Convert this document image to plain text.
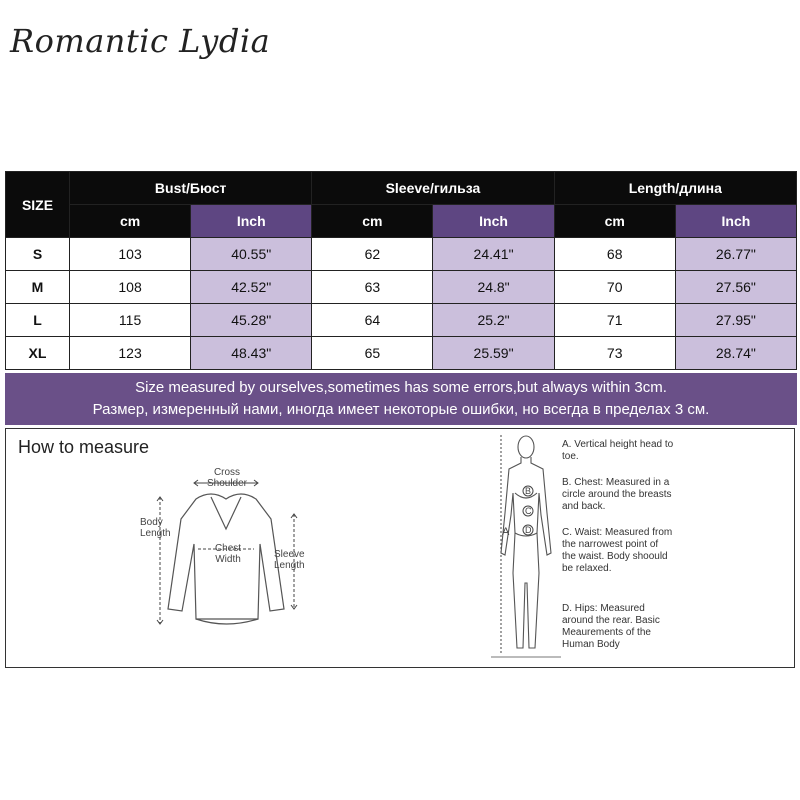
Romantic Lydia
SIZE	Bust/Бюст		Sleeve/гильза		Length/длина	
	cm	Inch	cm	Inch	cm	Inch
S	103	40.55"	62	24.41"	68	26.77"
M	108	42.52"	63	24.8"	70	27.56"
L	115	45.28"	64	25.2"	71	27.95"
XL	123	48.43"	65	25.59"	73	28.74"
Size measured by ourselves,sometimes has some errors,but always within 3cm.
Размер, измеренный нами, иногда имеет некоторые ошибки, но всегда в пределах 3 см.
How to measure
Cross Shoulder
Body Length
Chest Width	Sleeve Length
A
B
C
D
A. Vertical height head to toe.
B. Chest: Measured in a circle around the breasts and back.
C. Waist: Measured from the narrowest point of the waist. Body shoould be relaxed.
D. Hips: Measured around the rear. Basic Meaurements of the Human Body
